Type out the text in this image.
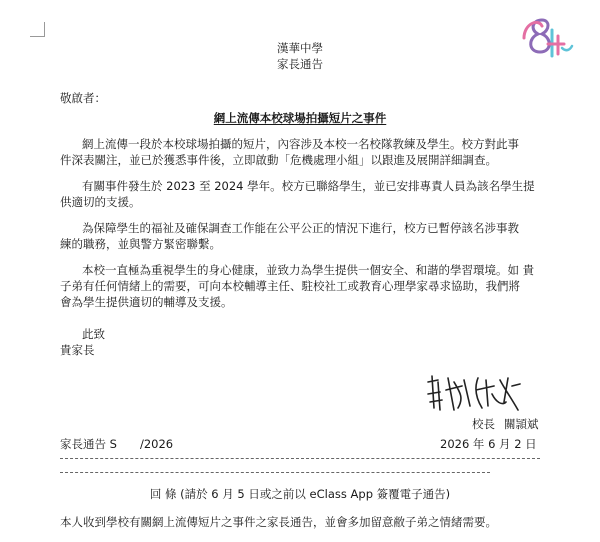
漢華中學
家長通告
敬啟者：
網上流傳本校球場拍攝短片之事件
網上流傳一段於本校球場拍攝的短片，內容涉及本校一名校隊教練及學生。校方對此事
件深表關注，並已於獲悉事件後，立即啟動「危機處理小組」以跟進及展開詳細調查。
有關事件發生於 2023 至 2024 學年。校方已聯絡學生，並已安排專責人員為該名學生提
供適切的支援。
為保障學生的福祉及確保調查工作能在公平公正的情況下進行，校方已暫停該名涉事教
練的職務，並與警方緊密聯繫。
本校一直極為重視學生的身心健康，並致力為學生提供一個安全、和諧的學習環境。如 貴
子弟有任何情緒上的需要，可向本校輔導主任、駐校社工或教育心理學家尋求協助，我們將
會為學生提供適切的輔導及支援。
此致
貴家長
校長 關頴斌
家長通告 S　　/2026	2026 年 6 月 2 日
回 條 (請於 6 月 5 日或之前以 eClass App 簽覆電子通告)
本人收到學校有關網上流傳短片之事件之家長通告，並會多加留意敝子弟之情緒需要。
